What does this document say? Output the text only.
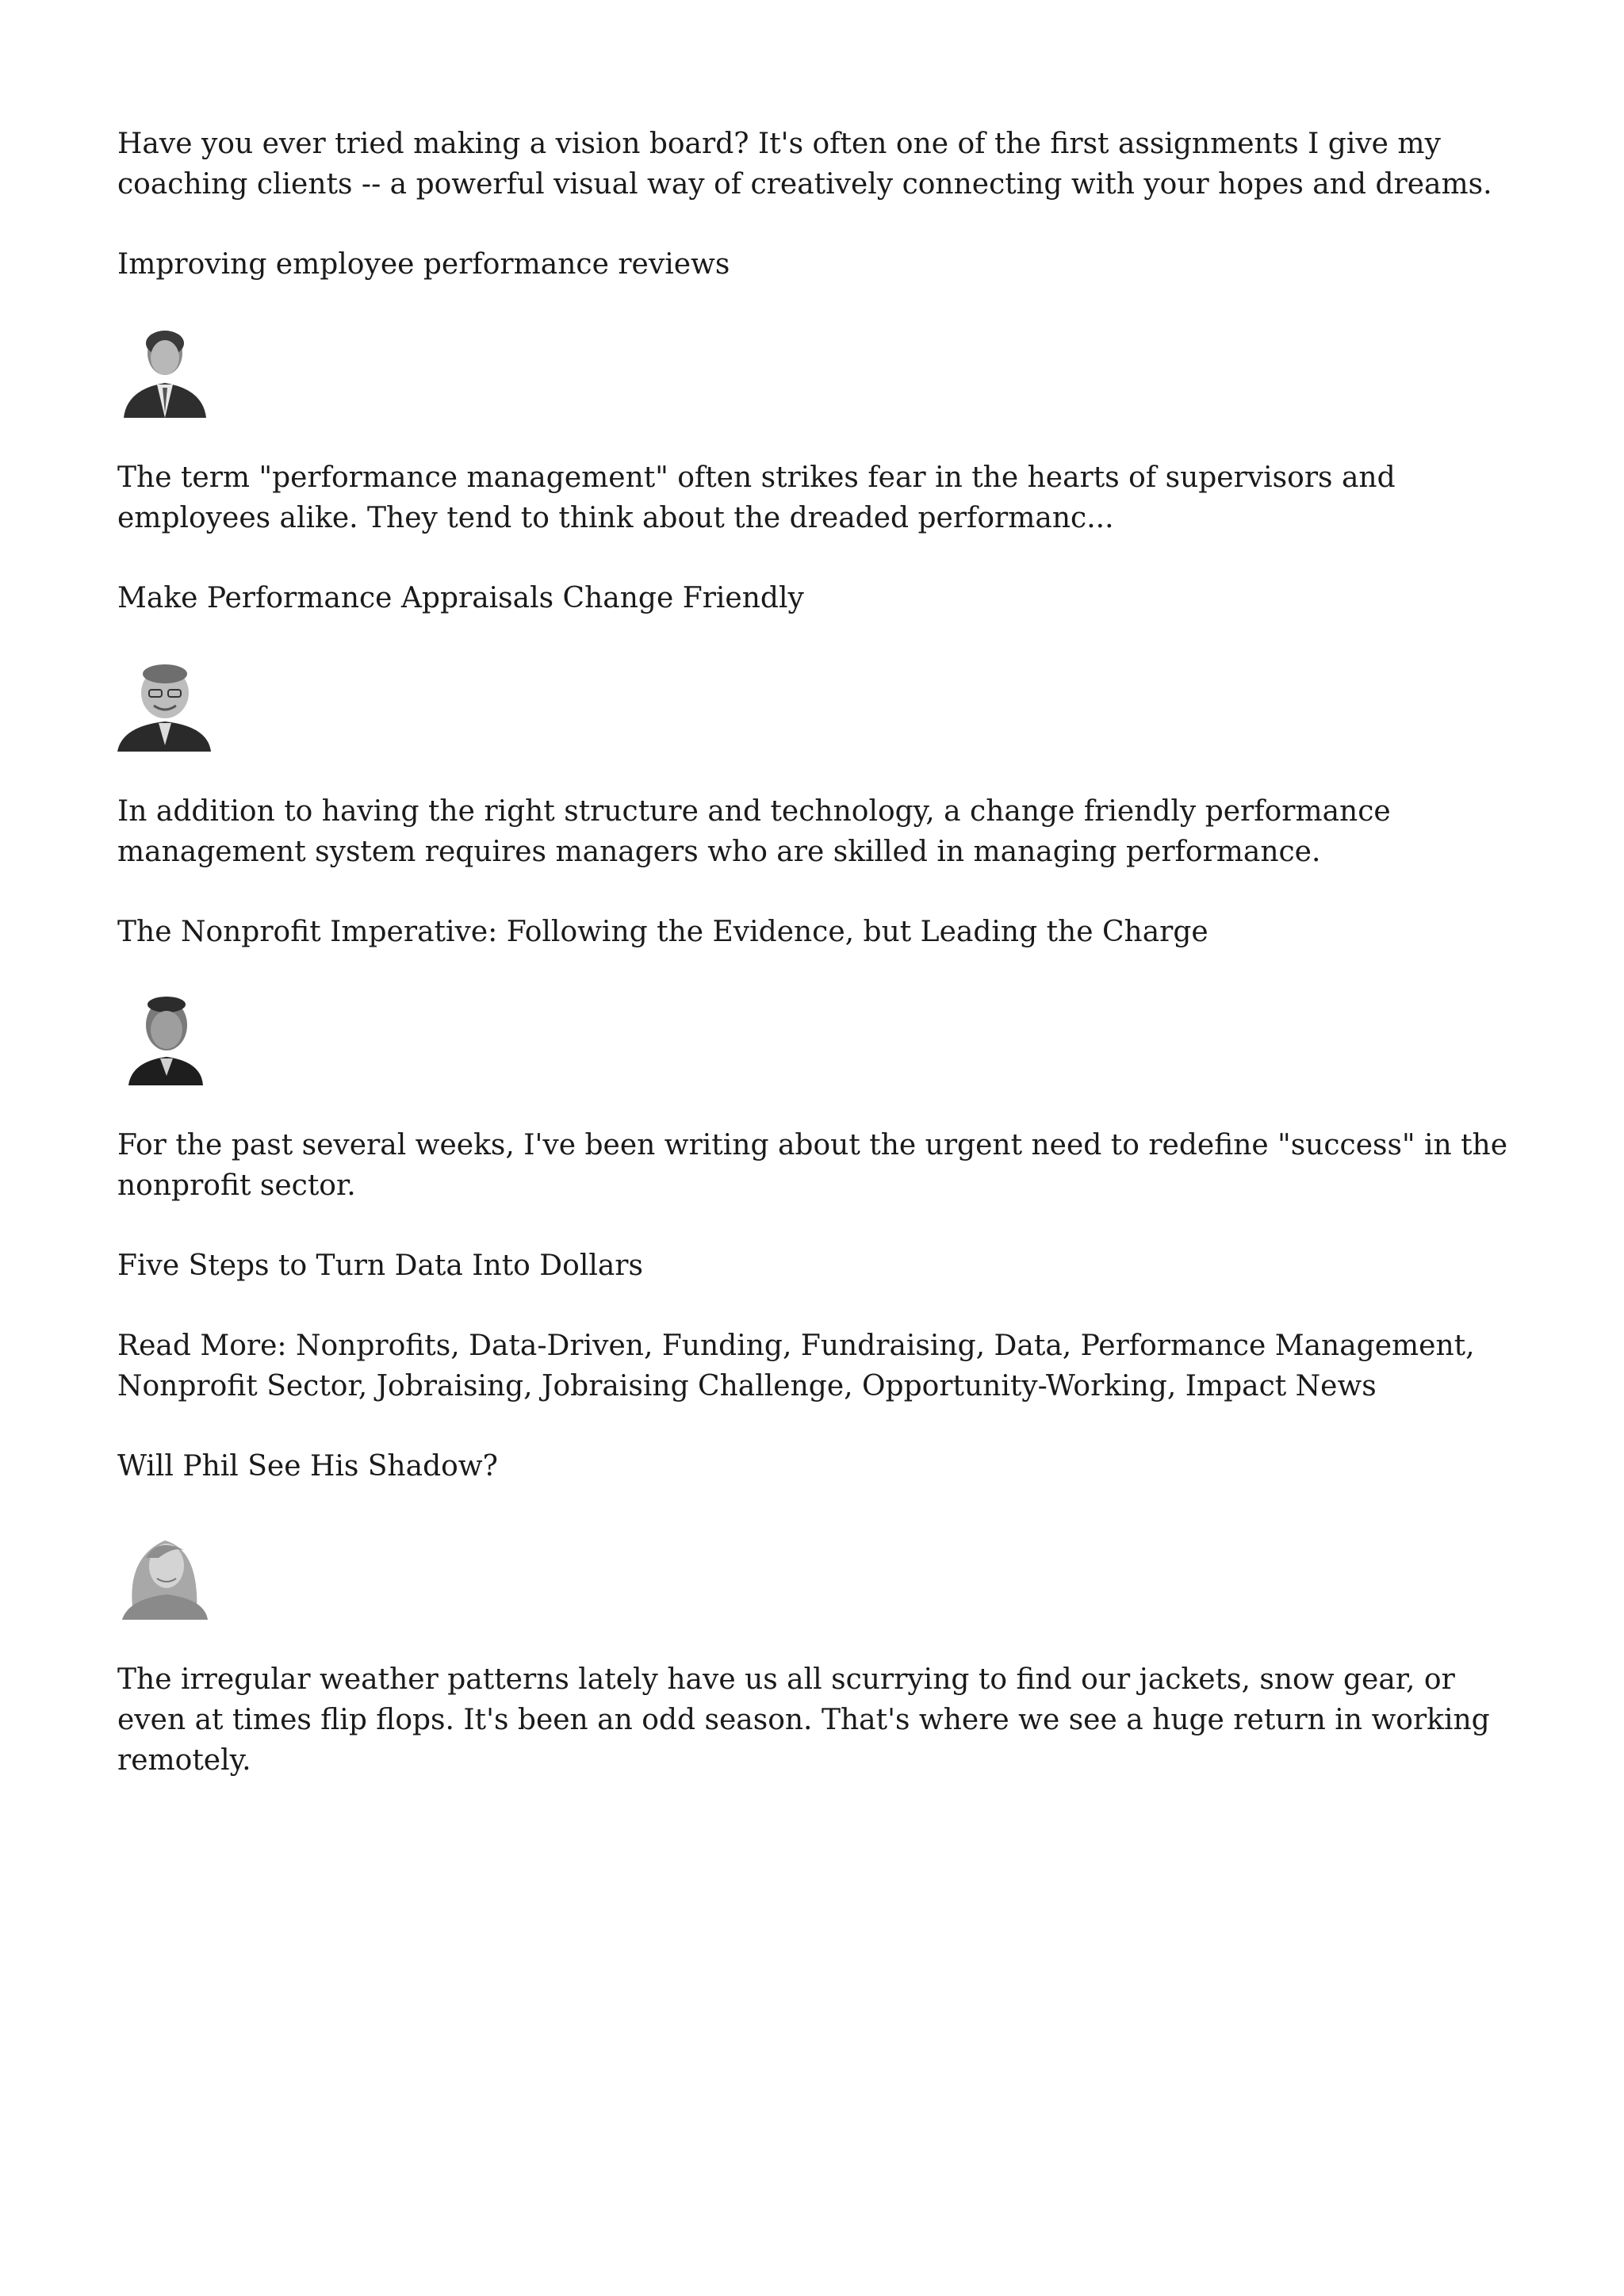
Have you ever tried making a vision board? It's often one of the first assignments I give my coaching clients -- a powerful visual way of creatively connecting with your hopes and dreams.

Improving employee performance reviews

The term "performance management" often strikes fear in the hearts of supervisors and employees alike. They tend to think about the dreaded performanc...

Make Performance Appraisals Change Friendly

In addition to having the right structure and technology, a change friendly performance management system requires managers who are skilled in managing performance.

The Nonprofit Imperative: Following the Evidence, but Leading the Charge

For the past several weeks, I've been writing about the urgent need to redefine "success" in the nonprofit sector.

Five Steps to Turn Data Into Dollars

Read More: Nonprofits, Data-Driven, Funding, Fundraising, Data, Performance Management, Nonprofit Sector, Jobraising, Jobraising Challenge, Opportunity-Working, Impact News

Will Phil See His Shadow?

The irregular weather patterns lately have us all scurrying to find our jackets, snow gear, or even at times flip flops. It's been an odd season. That's where we see a huge return in working remotely.
